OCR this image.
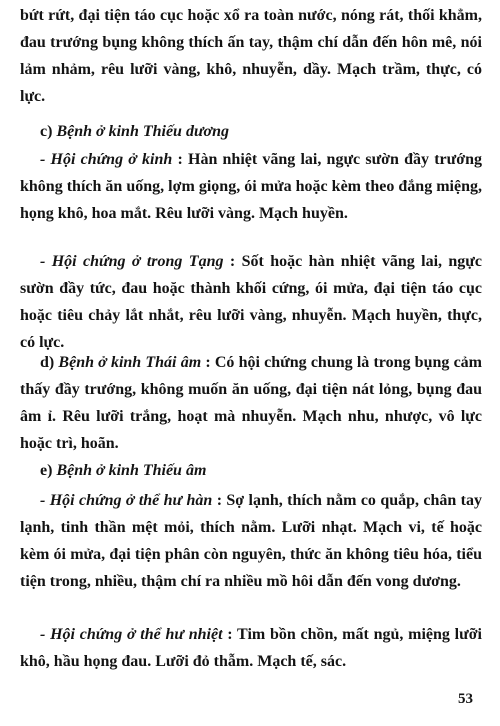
bứt rứt, đại tiện táo cục hoặc xổ ra toàn nước, nóng rát, thối khẳm, đau trướng bụng không thích ấn tay, thậm chí dẫn đến hôn mê, nói lảm nhảm, rêu lưỡi vàng, khô, nhuyễn, dầy. Mạch trầm, thực, có lực.

c) Bệnh ở kinh Thiếu dương

- Hội chứng ở kinh : Hàn nhiệt vãng lai, ngực sườn đầy trướng không thích ăn uống, lợm giọng, ói mửa hoặc kèm theo đắng miệng, họng khô, hoa mắt. Rêu lưỡi vàng. Mạch huyền.

- Hội chứng ở trong Tạng : Sốt hoặc hàn nhiệt vãng lai, ngực sườn đầy tức, đau hoặc thành khối cứng, ói mửa, đại tiện táo cục hoặc tiêu chảy lắt nhắt, rêu lưỡi vàng, nhuyễn. Mạch huyền, thực, có lực.

d) Bệnh ở kinh Thái âm : Có hội chứng chung là trong bụng cảm thấy đầy trướng, không muốn ăn uống, đại tiện nát lỏng, bụng đau âm ỉ. Rêu lưỡi trắng, hoạt mà nhuyễn. Mạch nhu, nhược, vô lực hoặc trì, hoãn.

e) Bệnh ở kinh Thiếu âm

- Hội chứng ở thể hư hàn : Sợ lạnh, thích nằm co quắp, chân tay lạnh, tinh thần mệt mỏi, thích nằm. Lưỡi nhạt. Mạch vi, tế hoặc kèm ói mửa, đại tiện phân còn nguyên, thức ăn không tiêu hóa, tiểu tiện trong, nhiều, thậm chí ra nhiều mồ hôi dẫn đến vong dương.

- Hội chứng ở thể hư nhiệt : Tim bồn chồn, mất ngủ, miệng lưỡi khô, hầu họng đau. Lưỡi đỏ thẫm. Mạch tế, sác.

53
